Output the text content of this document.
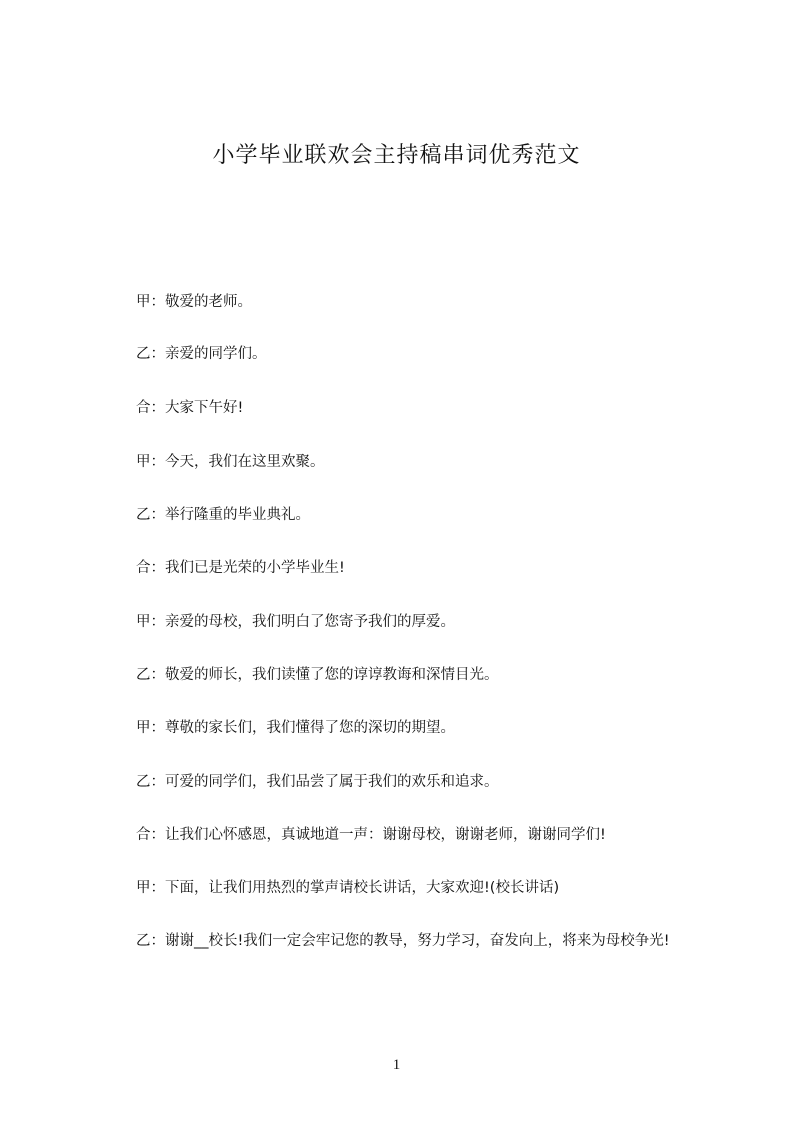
小学毕业联欢会主持稿串词优秀范文
甲：敬爱的老师。
乙：亲爱的同学们。
合：大家下午好!
甲：今天，我们在这里欢聚。
乙：举行隆重的毕业典礼。
合：我们已是光荣的小学毕业生!
甲：亲爱的母校，我们明白了您寄予我们的厚爱。
乙：敬爱的师长，我们读懂了您的谆谆教诲和深情目光。
甲：尊敬的家长们，我们懂得了您的深切的期望。
乙：可爱的同学们，我们品尝了属于我们的欢乐和追求。
合：让我们心怀感恩，真诚地道一声：谢谢母校，谢谢老师，谢谢同学们!
甲：下面，让我们用热烈的掌声请校长讲话，大家欢迎!(校长讲话)
乙：谢谢__校长!我们一定会牢记您的教导，努力学习，奋发向上，将来为母校争光!
1
